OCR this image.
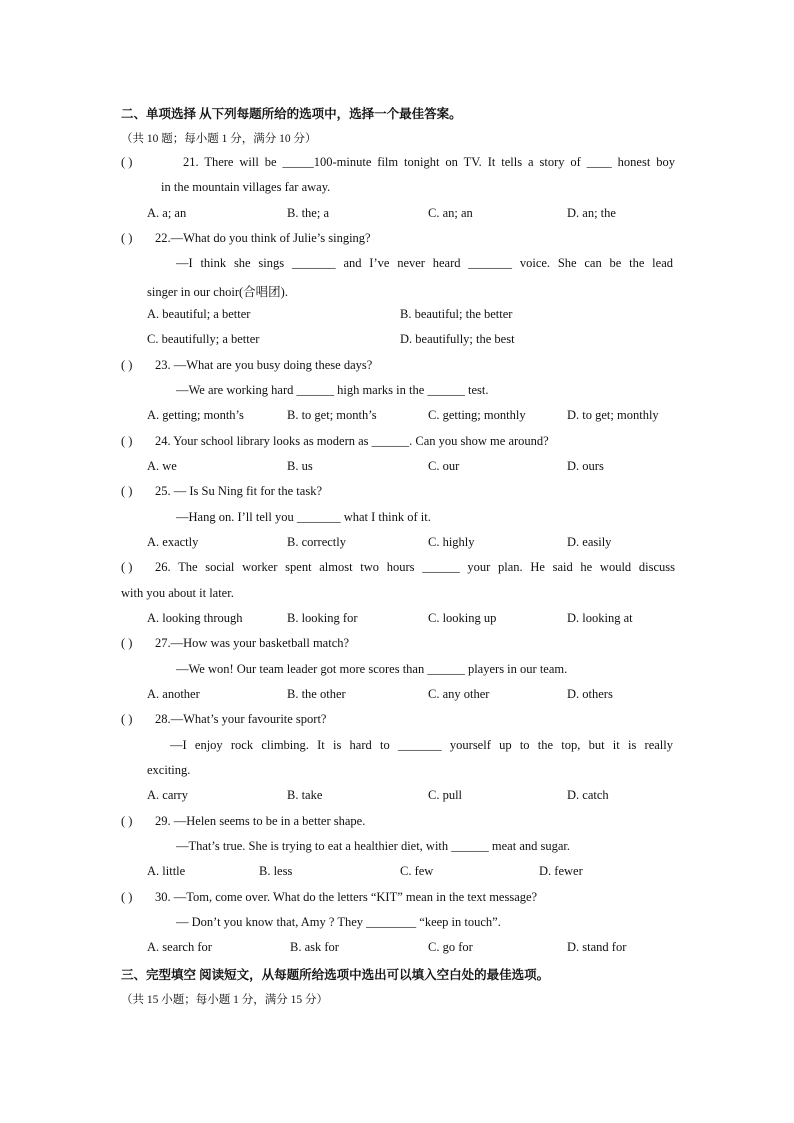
二、单项选择 从下列每题所给的选项中，选择一个最佳答案。
（共 10 题；每小题 1 分，满分 10 分）
( )	21. There will be _____100-minute film tonight on TV. It tells a story of ____ honest boy
in the mountain villages far away.
A. a; an	B. the; a	C. an; an	D. an; the
( ) 22.—What do you think of Julie’s singing?
—I think she sings _______ and I’ve never heard _______ voice. She can be the lead
singer in our choir(合唱团).
A. beautiful; a better	B. beautiful; the better
C. beautifully; a better	D. beautifully; the best
( ) 23. —What are you busy doing these days?
—We are working hard ______ high marks in the ______ test.
A. getting; month’s	B. to get; month’s	C. getting; monthly	D. to get; monthly
( ) 24. Your school library looks as modern as ______. Can you show me around?
A. we	B. us	C. our	D. ours
( ) 25. — Is Su Ning fit for the task?
—Hang on. I’ll tell you _______ what I think of it.
A. exactly	B. correctly	C. highly	D. easily
( ) 26. The social worker spent almost two hours ______ your plan. He said he would discuss
with you about it later.
A. looking through	B. looking for	C. looking up	D. looking at
( ) 27.—How was your basketball match?
—We won! Our team leader got more scores than ______ players in our team.
A. another	B. the other	C. any other	D. others
( ) 28.—What’s your favourite sport?
—I enjoy rock climbing. It is hard to _______ yourself up to the top, but it is really
exciting.
A. carry	B. take	C. pull	D. catch
( ) 29. —Helen seems to be in a better shape.
—That’s true. She is trying to eat a healthier diet, with ______ meat and sugar.
A. little	B. less	C. few	D. fewer
( ) 30. —Tom, come over. What do the letters “KIT” mean in the text message?
— Don’t you know that, Amy ? They ________ “keep in touch”.
A. search for	B. ask for	C. go for	D. stand for
三、完型填空 阅读短文，从每题所给选项中选出可以填入空白处的最佳选项。
（共 15 小题；每小题 1 分，满分 15 分）
